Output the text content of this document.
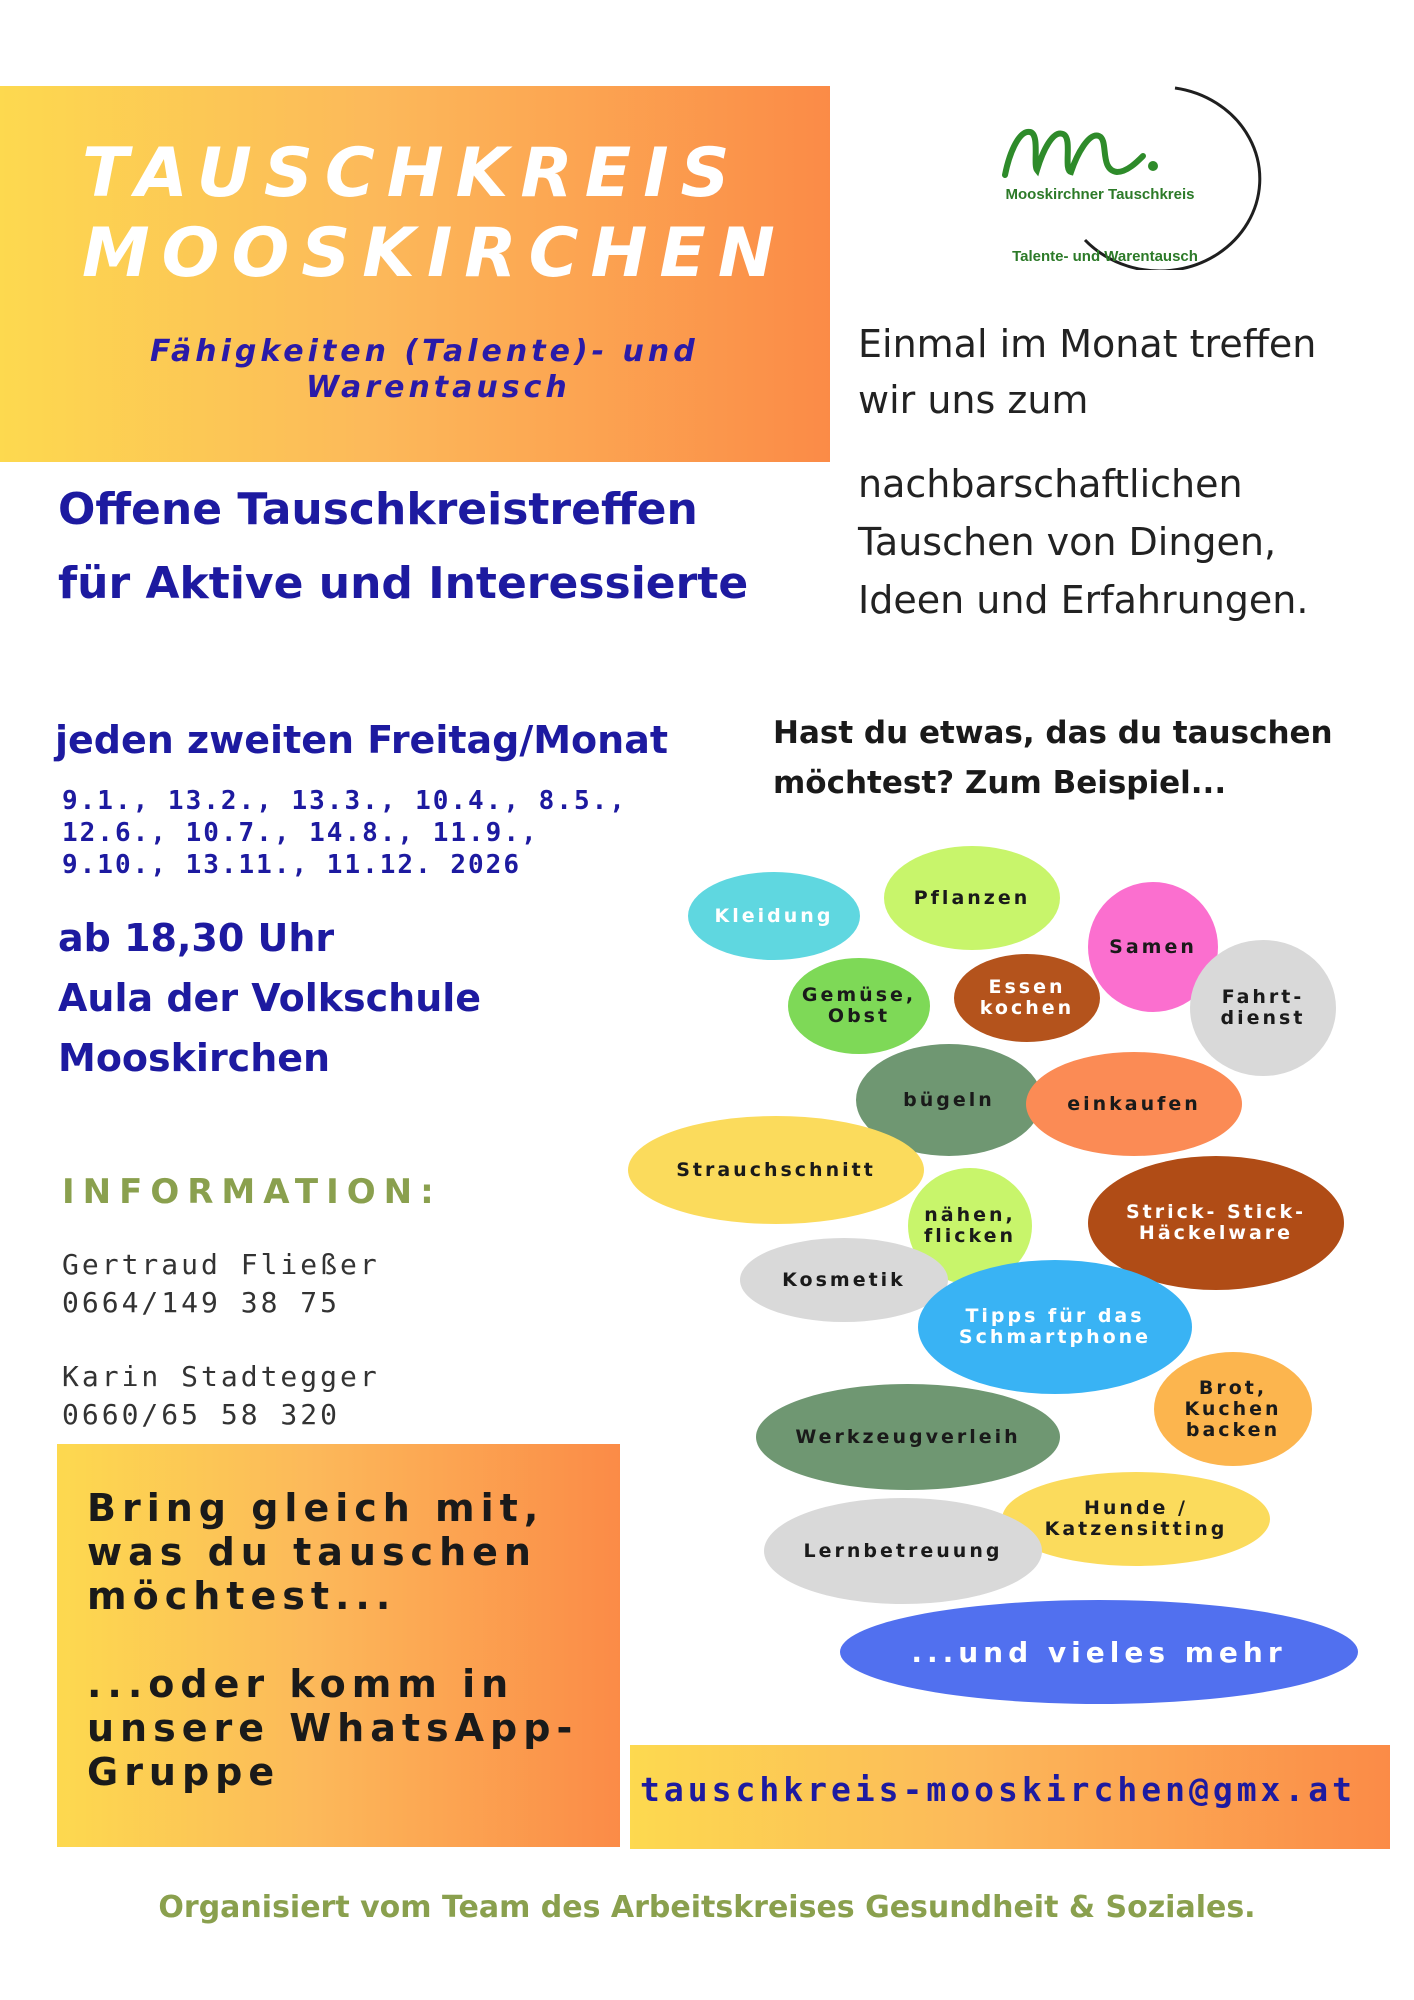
TAUSCHKREIS
MOOSKIRCHEN
Fähigkeiten (Talente)- und
Warentausch
Mooskirchner Tauschkreis
Talente- und Warentausch
Einmal im Monat treffen
wir uns zum
nachbarschaftlichen
Tauschen von Dingen,
Ideen und Erfahrungen.
Offene Tauschkreistreffen
für Aktive und Interessierte
jeden zweiten Freitag/Monat
9.1., 13.2., 13.3., 10.4., 8.5.,
12.6., 10.7., 14.8., 11.9.,
9.10., 13.11., 11.12. 2026
ab 18,30 Uhr
Aula der Volkschule
Mooskirchen
INFORMATION:
Gertraud Fließer
0664/149 38 75
Karin Stadtegger
0660/65 58 320
Bring gleich mit,
was du tauschen
möchtest...
...oder komm in
unsere WhatsApp-
Gruppe
Hast du etwas, das du tauschen
möchtest? Zum Beispiel...
Kleidung
Pflanzen
Samen
Gemüse,
Obst
Essen
kochen	Fahrt-
dienst
bügeln	einkaufen
Strauchschnitt
nähen,
flicken
Strick- Stick-
Häckelware
Kosmetik
Tipps für das
Schmartphone
Brot,
Kuchen
backen
Werkzeugverleih
Hunde /
Katzensitting
Lernbetreuung
...und vieles mehr
tauschkreis-mooskirchen@gmx.at
Organisiert vom Team des Arbeitskreises Gesundheit & Soziales.
